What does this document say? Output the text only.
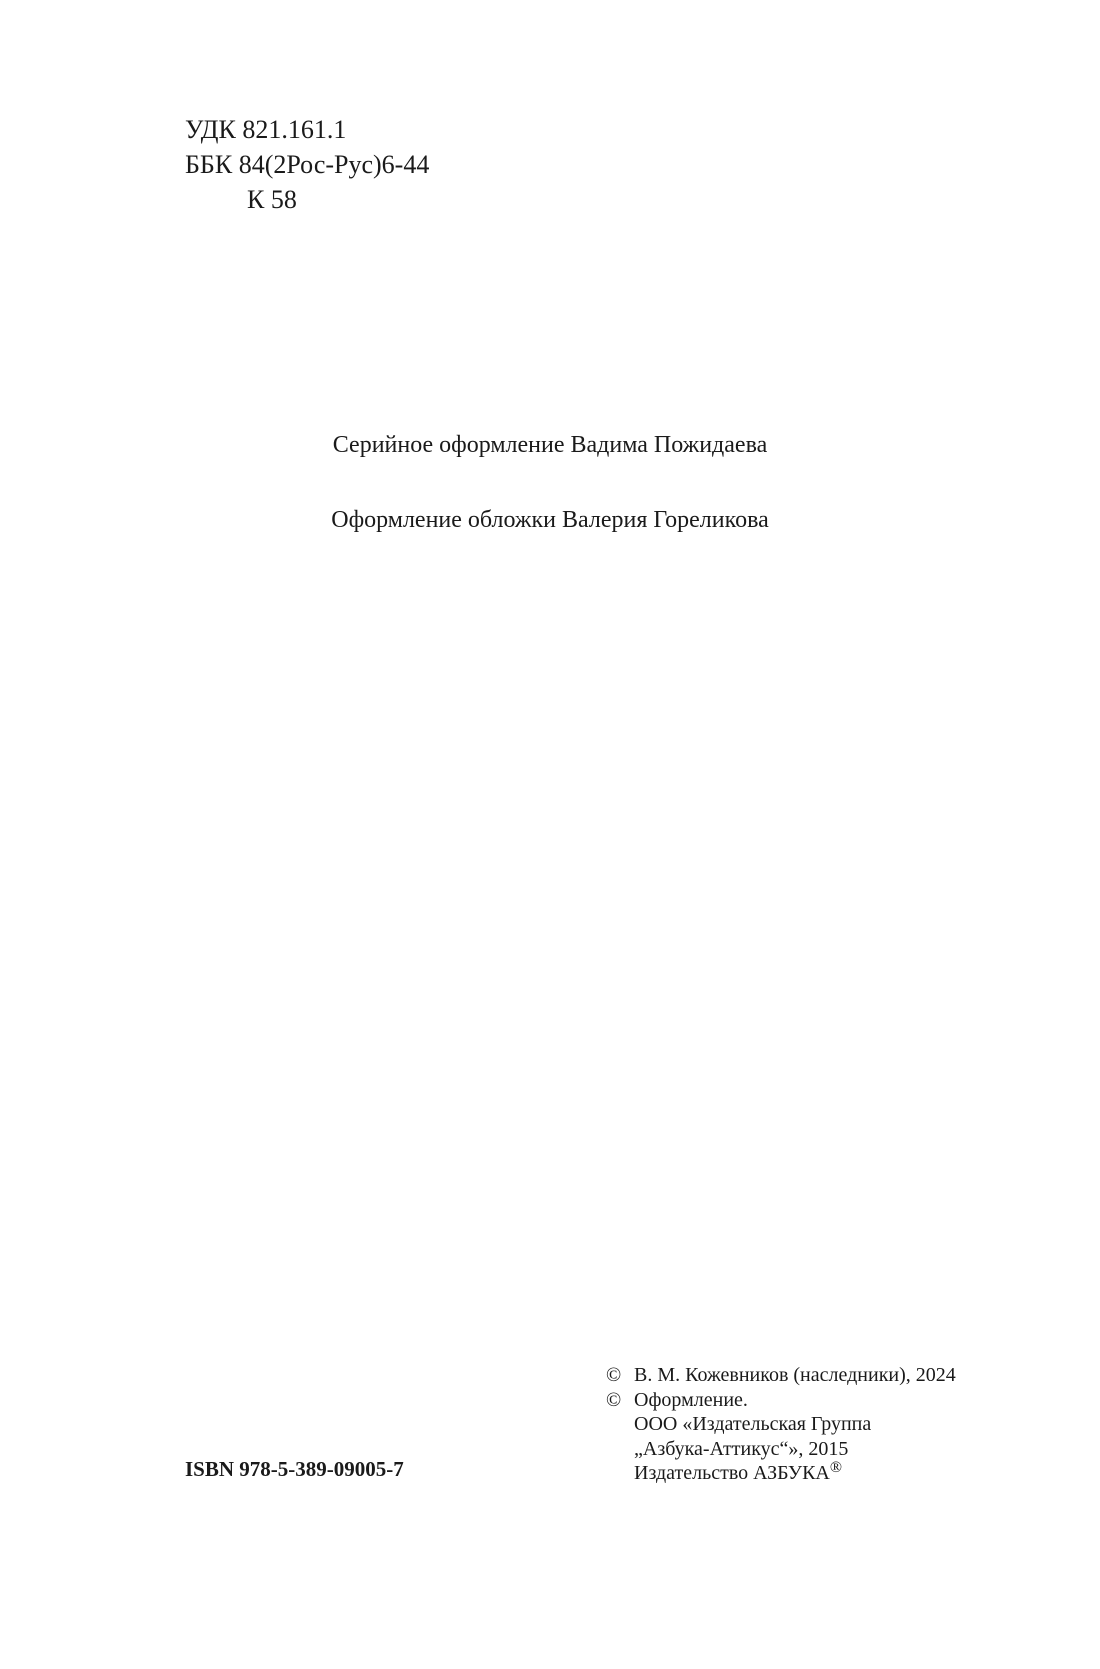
УДК 821.161.1
ББК 84(2Рос-Рус)6-44
К 58
Серийное оформление Вадима Пожидаева
Оформление обложки Валерия Гореликова
ISBN 978-5-389-09005-7
© В. М. Кожевников (наследники), 2024
© Оформление.
ООО «Издательская Группа
„Азбука-Аттикус“», 2015
Издательство АЗБУКА®
